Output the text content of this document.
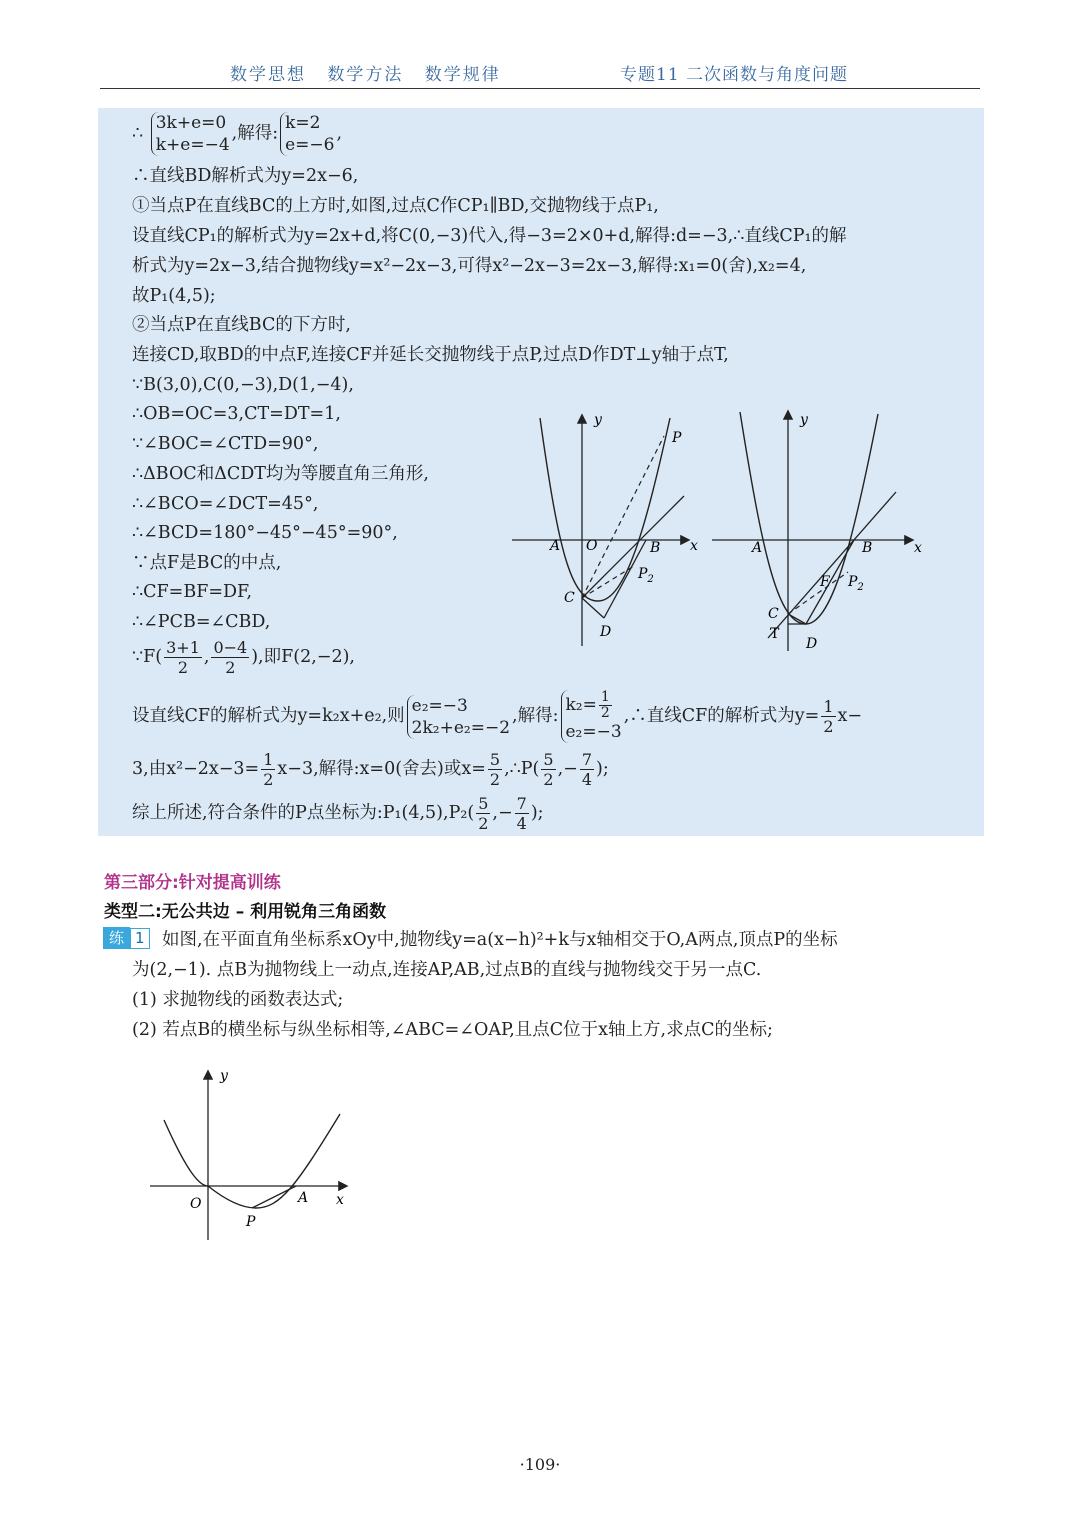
数学思想 数学方法 数学规律	专题11 二次函数与角度问题
∴
3k+e=0
k+e=−4
,解得:
k=2
e=−6
,
∴直线BD解析式为y=2x−6,
①当点P在直线BC的上方时,如图,过点C作CP₁∥BD,交抛物线于点P₁,
设直线CP₁的解析式为y=2x+d,将C(0,−3)代入,得−3=2×0+d,解得:d=−3,∴直线CP₁的解
析式为y=2x−3,结合抛物线y=x²−2x−3,可得x²−2x−3=2x−3,解得:x₁=0(舍),x₂=4,
故P₁(4,5);
②当点P在直线BC的下方时,
连接CD,取BD的中点F,连接CF并延长交抛物线于点P,过点D作DT⊥y轴于点T,
∵B(3,0),C(0,−3),D(1,−4),
∴OB=OC=3,CT=DT=1,
∵∠BOC=∠CTD=90°,
∴ΔBOC和ΔCDT均为等腰直角三角形,
∴∠BCO=∠DCT=45°,
∴∠BCD=180°−45°−45°=90°,
∵点F是BC的中点,
∴CF=BF=DF,
∴∠PCB=∠CBD,
∵F( $\frac{3+1}{2}$ , $\frac{0-4}{2}$ ),即F(2,−2),
设直线CF的解析式为y=k₂x+e₂,则
e₂=−3
2k₂+e₂=−2
,解得:
$k_2= \frac{1}{2}$
e₂=−3
,∴直线CF的解析式为$y= \frac{1}{2} x-$
3,由$x^2-2x-3= \frac{1}{2} x-3$,解得:x=0(舍去)或$x= \frac{5}{2}$ ,∴P( $\frac{5}{2}$ ,− $\frac{7}{4}$ );
综上所述,符合条件的P点坐标为:P₁(4,5),P₂( $\frac{5}{2}$ ,− $\frac{7}{4}$ );
y
x
P
A O	B
$P_2$
C
D
y
x
A	B
F $P_2$
C
T
D
第三部分:针对提高训练
类型二:无公共边 – 利用锐角三角函数
练 1 如图,在平面直角坐标系xOy中,抛物线y=a(x−h)²+k与x轴相交于O,A两点,顶点P的坐标
为(2,−1). 点B为抛物线上一动点,连接AP,AB,过点B的直线与抛物线交于另一点C.
(1) 求抛物线的函数表达式;
(2) 若点B的横坐标与纵坐标相等,∠ABC=∠OAP,且点C位于x轴上方,求点C的坐标;
y
x
O	A
P
·109·
